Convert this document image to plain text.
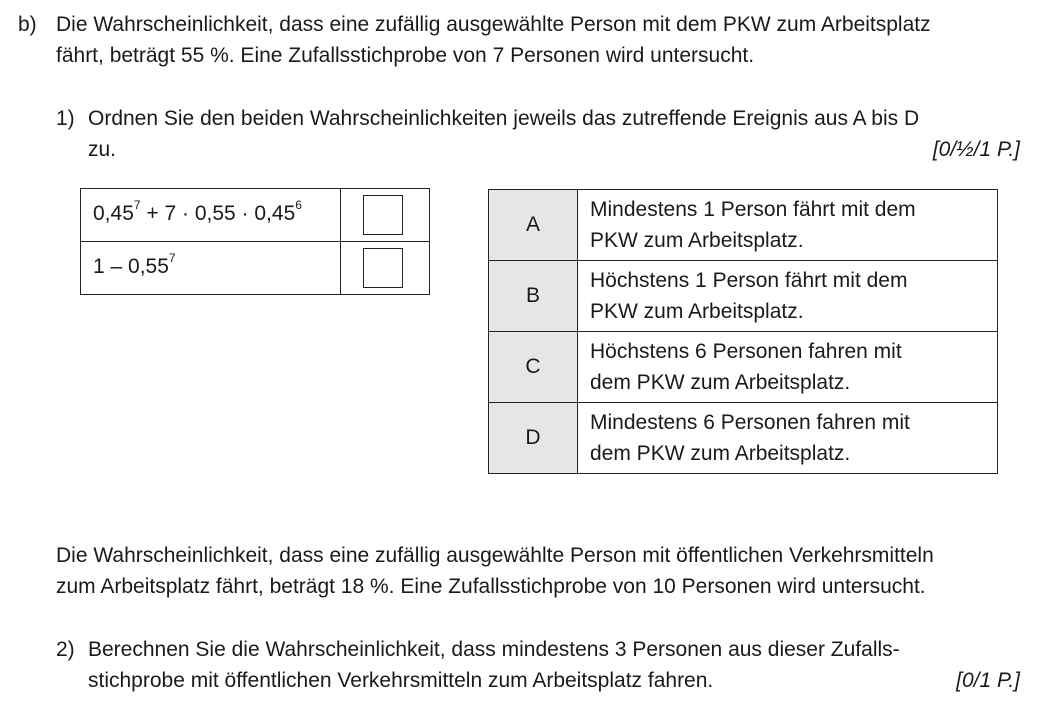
b) Die Wahrscheinlichkeit, dass eine zufällig ausgewählte Person mit dem PKW zum Arbeitsplatz
fährt, beträgt 55 %. Eine Zufallsstichprobe von 7 Personen wird untersucht.
1) Ordnen Sie den beiden Wahrscheinlichkeiten jeweils das zutreffende Ereignis aus A bis D
zu.	[0/½/1 P.]
$0,45^7 + 7 \cdot 0,55 \cdot 0,45^6$	

1 – 0,55$^7$	
A	Mindestens 1 Person fährt mit dem
PKW zum Arbeitsplatz.

B	Höchstens 1 Person fährt mit dem
PKW zum Arbeitsplatz.

C	Höchstens 6 Personen fahren mit
dem PKW zum Arbeitsplatz.

D	Mindestens 6 Personen fahren mit
dem PKW zum Arbeitsplatz.
Die Wahrscheinlichkeit, dass eine zufällig ausgewählte Person mit öffentlichen Verkehrsmitteln
zum Arbeitsplatz fährt, beträgt 18 %. Eine Zufallsstichprobe von 10 Personen wird untersucht.
2) Berechnen Sie die Wahrscheinlichkeit, dass mindestens 3 Personen aus dieser Zufalls-
stichprobe mit öffentlichen Verkehrsmitteln zum Arbeitsplatz fahren.	[0/1 P.]
